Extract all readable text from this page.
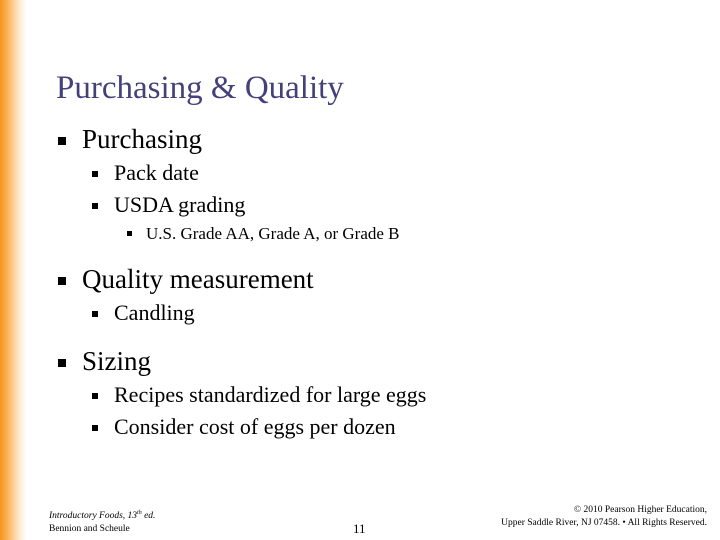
Purchasing & Quality
Purchasing
Pack date
USDA grading
U.S. Grade AA, Grade A, or Grade B
Quality measurement
Candling
Sizing
Recipes standardized for large eggs
Consider cost of eggs per dozen
Introductory Foods, 13th ed.
Bennion and Scheule	11
© 2010 Pearson Higher Education,
Upper Saddle River, NJ 07458. • All Rights Reserved.
